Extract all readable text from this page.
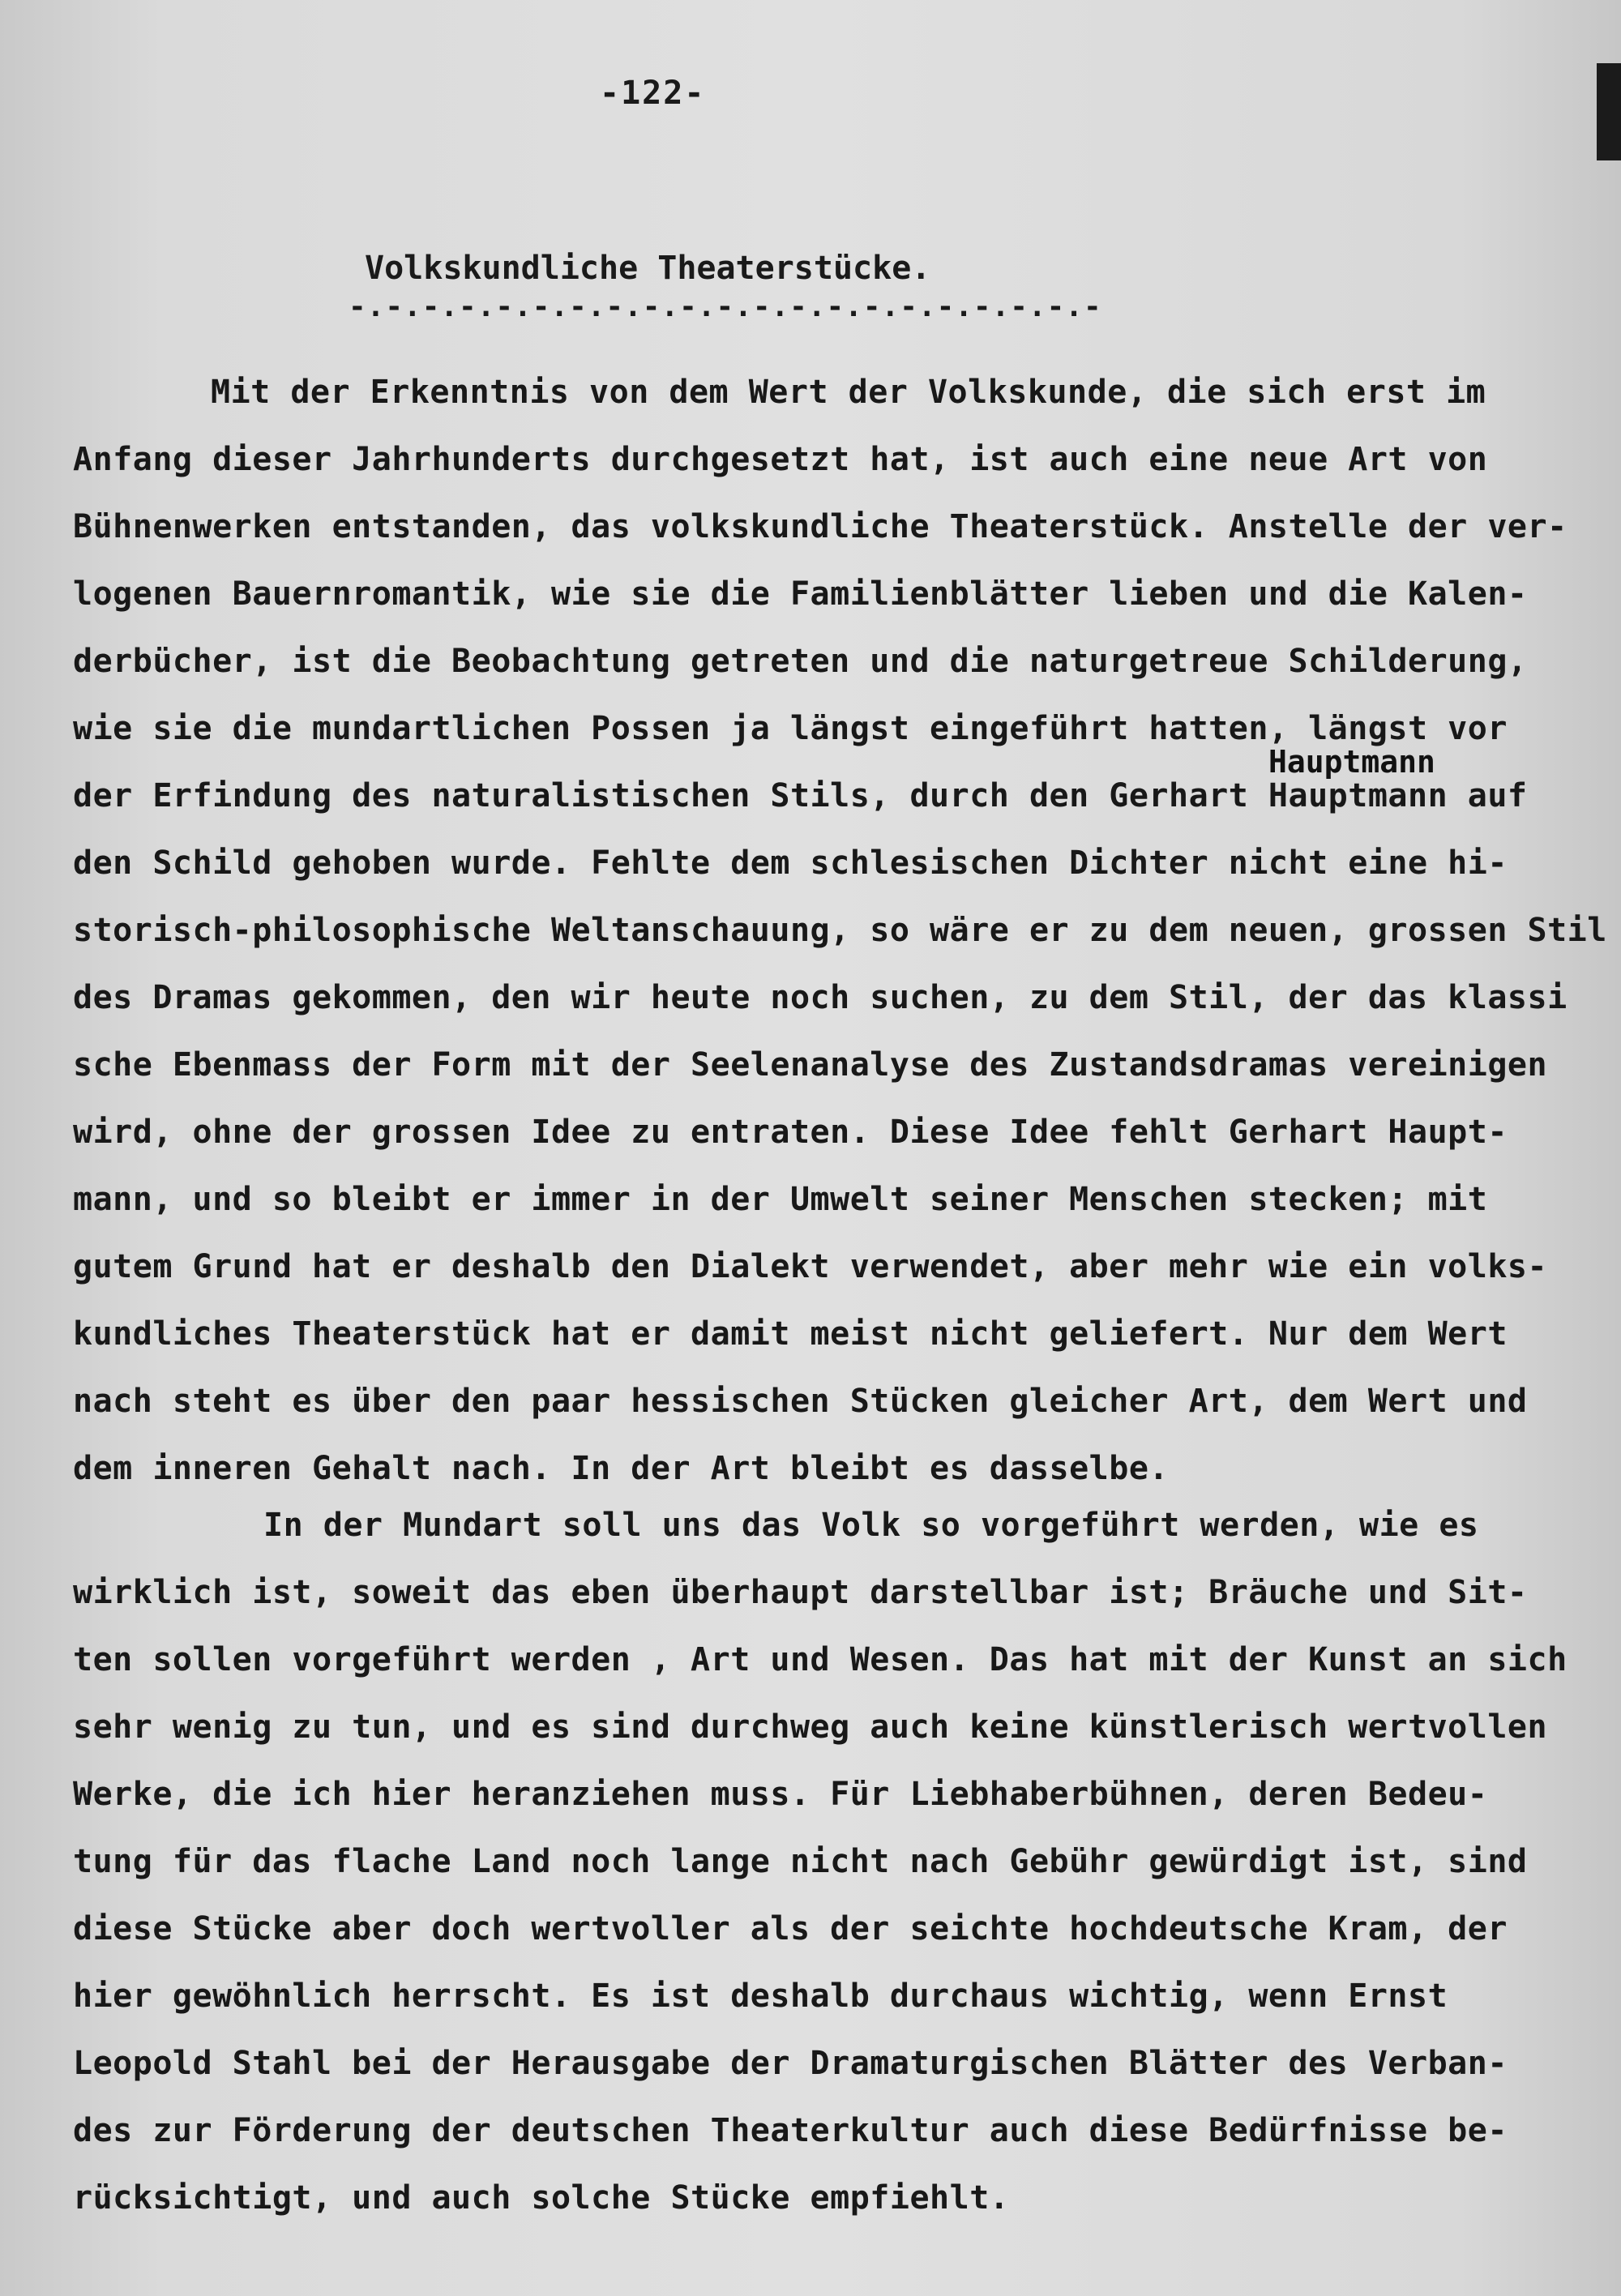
-122-
Volkskundliche Theaterstücke.
-.-.-.-.-.-.-.-.-.-.-.-.-.-.-.-.-.-.-.-.-
Hauptmann
Mit der Erkenntnis von dem Wert der Volkskunde, die sich erst im
Anfang dieser Jahrhunderts durchgesetzt hat, ist auch eine neue Art von
Bühnenwerken entstanden, das volkskundliche Theaterstück. Anstelle der ver-
logenen Bauernromantik, wie sie die Familienblätter lieben und die Kalen-
derbücher, ist die Beobachtung getreten und die naturgetreue Schilderung,
wie sie die mundartlichen Possen ja längst eingeführt hatten, längst vor
der Erfindung des naturalistischen Stils, durch den Gerhart Hauptmann auf
den Schild gehoben wurde. Fehlte dem schlesischen Dichter nicht eine hi-
storisch-philosophische Weltanschauung, so wäre er zu dem neuen, grossen Stil
des Dramas gekommen, den wir heute noch suchen, zu dem Stil, der das klassi
sche Ebenmass der Form mit der Seelenanalyse des Zustandsdramas vereinigen
wird, ohne der grossen Idee zu entraten. Diese Idee fehlt Gerhart Haupt-
mann, und so bleibt er immer in der Umwelt seiner Menschen stecken; mit
gutem Grund hat er deshalb den Dialekt verwendet, aber mehr wie ein volks-
kundliches Theaterstück hat er damit meist nicht geliefert. Nur dem Wert
nach steht es über den paar hessischen Stücken gleicher Art, dem Wert und
dem inneren Gehalt nach. In der Art bleibt es dasselbe.
In der Mundart soll uns das Volk so vorgeführt werden, wie es
wirklich ist, soweit das eben überhaupt darstellbar ist; Bräuche und Sit-
ten sollen vorgeführt werden , Art und Wesen. Das hat mit der Kunst an sich
sehr wenig zu tun, und es sind durchweg auch keine künstlerisch wertvollen
Werke, die ich hier heranziehen muss. Für Liebhaberbühnen, deren Bedeu-
tung für das flache Land noch lange nicht nach Gebühr gewürdigt ist, sind
diese Stücke aber doch wertvoller als der seichte hochdeutsche Kram, der
hier gewöhnlich herrscht. Es ist deshalb durchaus wichtig, wenn Ernst
Leopold Stahl bei der Herausgabe der Dramaturgischen Blätter des Verban-
des zur Förderung der deutschen Theaterkultur auch diese Bedürfnisse be-
rücksichtigt, und auch solche Stücke empfiehlt.
